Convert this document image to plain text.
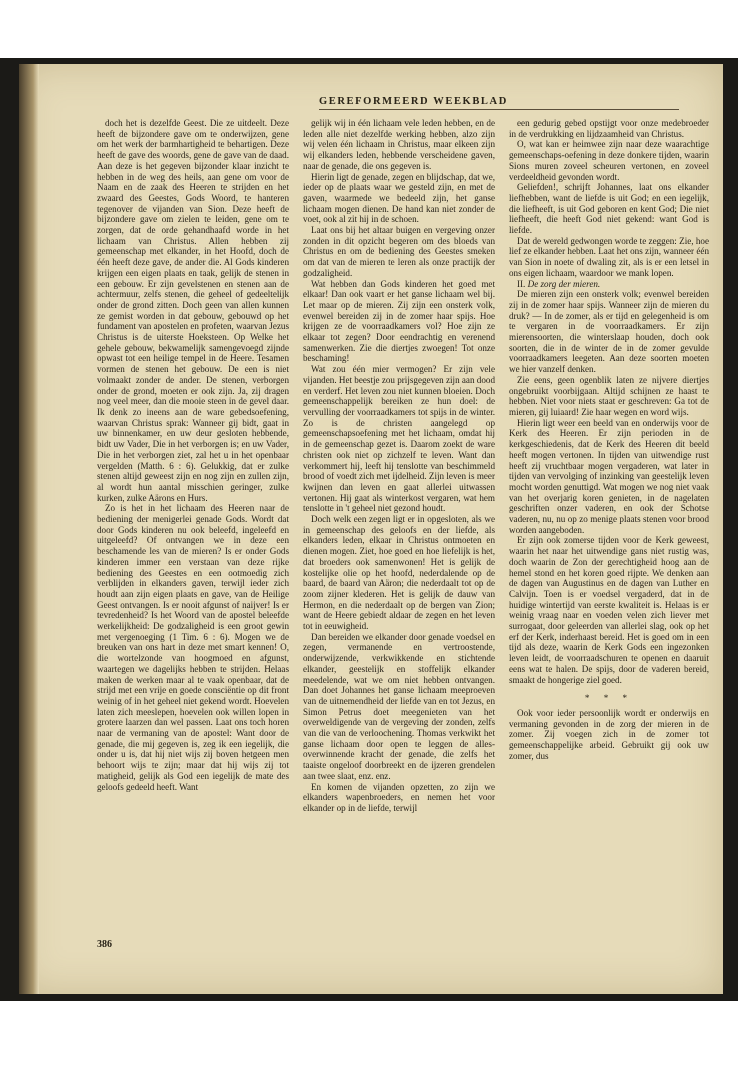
GEREFORMEERD WEEKBLAD

doch het is dezelfde Geest. Die ze uitdeelt. Deze heeft de bijzondere gave om te onderwijzen, gene om het werk der barmhartigheid te behartigen. Deze heeft de gave des woords, gene de gave van de daad. Aan deze is het gegeven bijzonder klaar inzicht te hebben in de weg des heils, aan gene om voor de Naam en de zaak des Heeren te strijden en het zwaard des Geestes, Gods Woord, te hanteren tegenover de vijanden van Sion. Deze heeft de bijzondere gave om zielen te leiden, gene om te zorgen, dat de orde gehandhaafd worde in het lichaam van Christus. Allen hebben zij gemeenschap met elkander, in het Hoofd, doch de één heeft deze gave, de ander die. Al Gods kinderen krijgen een eigen plaats en taak, gelijk de stenen in een gebouw. Er zijn gevelstenen en stenen aan de achtermuur, zelfs stenen, die geheel of gedeeltelijk onder de grond zitten. Doch geen van allen kunnen ze gemist worden in dat gebouw, gebouwd op het fundament van apostelen en profeten, waarvan Jezus Christus is de uiterste Hoeksteen. Op Welke het gehele gebouw, bekwamelijk samengevoegd zijnde opwast tot een heilige tempel in de Heere. Tesamen vormen de stenen het gebouw. De een is niet volmaakt zonder de ander. De stenen, verborgen onder de grond, moeten er ook zijn. Ja, zij dragen nog veel meer, dan die mooie steen in de gevel daar. Ik denk zo ineens aan de ware gebedsoefening, waarvan Christus sprak: Wanneer gij bidt, gaat in uw binnenkamer, en uw deur gesloten hebbende, bidt uw Vader, Die in het verborgen is; en uw Vader, Die in het verborgen ziet, zal het u in het openbaar vergelden (Matth. 6 : 6). Gelukkig, dat er zulke stenen altijd geweest zijn en nog zijn en zullen zijn, al wordt hun aantal misschien geringer, zulke kurken, zulke Aärons en Hurs.

Zo is het in het lichaam des Heeren naar de bediening der menigerlei genade Gods. Wordt dat door Gods kinderen nu ook beleefd, ingeleefd en uitgeleefd? Of ontvangen we in deze een beschamende les van de mieren? Is er onder Gods kinderen immer een verstaan van deze rijke bediening des Geestes en een ootmoedig zich verblijden in elkanders gaven, terwijl ieder zich houdt aan zijn eigen plaats en gave, van de Heilige Geest ontvangen. Is er nooit afgunst of naijver! Is er tevredenheid? Is het Woord van de apostel beleefde werkelijkheid: De godzaligheid is een groot gewin met vergenoeging (1 Tim. 6 : 6). Mogen we de breuken van ons hart in deze met smart kennen! O, die wortelzonde van hoogmoed en afgunst, waartegen we dagelijks hebben te strijden. Helaas maken de werken maar al te vaak openbaar, dat de strijd met een vrije en goede consciëntie op dit front weinig of in het geheel niet gekend wordt. Hoevelen laten zich meeslepen, hoevelen ook willen lopen in grotere laarzen dan wel passen. Laat ons toch horen naar de vermaning van de apostel: Want door de genade, die mij gegeven is, zeg ik een iegelijk, die onder u is, dat hij niet wijs zij boven hetgeen men behoort wijs te zijn; maar dat hij wijs zij tot matigheid, gelijk als God een iegelijk de mate des geloofs gedeeld heeft. Want

gelijk wij in één lichaam vele leden hebben, en de leden alle niet dezelfde werking hebben, alzo zijn wij velen één lichaam in Christus, maar elkeen zijn wij elkanders leden, hebbende verscheidene gaven, naar de genade, die ons gegeven is.

Hierin ligt de genade, zegen en blijdschap, dat we, ieder op de plaats waar we gesteld zijn, en met de gaven, waarmede we bedeeld zijn, het ganse lichaam mogen dienen. De hand kan niet zonder de voet, ook al zit hij in de schoen.

Laat ons bij het altaar buigen en vergeving onzer zonden in dit opzicht begeren om des bloeds van Christus en om de bediening des Geestes smeken om dat van de mieren te leren als onze practijk der godzaligheid.

Wat hebben dan Gods kinderen het goed met elkaar! Dan ook vaart er het ganse lichaam wel bij. Let maar op de mieren. Zij zijn een onsterk volk, evenwel bereiden zij in de zomer haar spijs. Hoe krijgen ze de voorraadkamers vol? Hoe zijn ze elkaar tot zegen? Door eendrachtig en verenend samenwerken. Zie die diertjes zwoegen! Tot onze beschaming!

Wat zou één mier vermogen? Er zijn vele vijanden. Het beestje zou prijsgegeven zijn aan dood en verderf. Het leven zou niet kunnen bloeien. Doch gemeenschappelijk bereiken ze hun doel: de vervulling der voorraadkamers tot spijs in de winter. Zo is de christen aangelegd op gemeenschapsoefening met het lichaam, omdat hij in de gemeenschap gezet is. Daarom zoekt de ware christen ook niet op zichzelf te leven. Want dan verkommert hij, leeft hij tenslotte van beschimmeld brood of voedt zich met ijdelheid. Zijn leven is meer kwijnen dan leven en gaat allerlei uitwassen vertonen. Hij gaat als winterkost vergaren, wat hem tenslotte in 't geheel niet gezond houdt.

Doch welk een zegen ligt er in opgesloten, als we in gemeenschap des geloofs en der liefde, als elkanders leden, elkaar in Christus ontmoeten en dienen mogen. Ziet, hoe goed en hoe liefelijk is het, dat broeders ook samenwonen! Het is gelijk de kostelijke olie op het hoofd, nederdalende op de baard, de baard van Aäron; die nederdaalt tot op de zoom zijner klederen. Het is gelijk de dauw van Hermon, en die nederdaalt op de bergen van Zion; want de Heere gebiedt aldaar de zegen en het leven tot in eeuwigheid.

Dan bereiden we elkander door genade voedsel en zegen, vermanende en vertroostende, onderwijzende, verkwikkende en stichtende elkander, geestelijk en stoffelijk elkander meedelende, wat we om niet hebben ontvangen. Dan doet Johannes het ganse lichaam meeproeven van de uitnemendheid der liefde van en tot Jezus, en Simon Petrus doet meegenieten van het overweldigende van de vergeving der zonden, zelfs van die van de verloochening. Thomas verkwikt het ganse lichaam door open te leggen de alles-overwinnende kracht der genade, die zelfs het taaiste ongeloof doorbreekt en de ijzeren grendelen aan twee slaat, enz. enz.

En komen de vijanden opzetten, zo zijn we elkanders wapenbroeders, en nemen het voor elkander op in de liefde, terwijl

een gedurig gebed opstijgt voor onze medebroeder in de verdrukking en lijdzaamheid van Christus.

O, wat kan er heimwee zijn naar deze waarachtige gemeenschaps-oefening in deze donkere tijden, waarin Sions muren zoveel scheuren vertonen, en zoveel verdeeldheid gevonden wordt.

Geliefden!, schrijft Johannes, laat ons elkander liefhebben, want de liefde is uit God; en een iegelijk, die liefheeft, is uit God geboren en kent God; Die niet liefheeft, die heeft God niet gekend: want God is liefde.

Dat de wereld gedwongen worde te zeggen: Zie, hoe lief ze elkander hebben. Laat het ons zijn, wanneer één van Sion in noete of dwaling zit, als is er een letsel in ons eigen lichaam, waardoor we mank lopen.

II. De zorg der mieren.

De mieren zijn een onsterk volk; evenwel bereiden zij in de zomer haar spijs. Wanneer zijn de mieren du druk? — In de zomer, als er tijd en gelegenheid is om te vergaren in de voorraadkamers. Er zijn mierensoorten, die winterslaap houden, doch ook soorten, die in de winter de in de zomer gevulde voorraadkamers leegeten. Aan deze soorten moeten we hier vanzelf denken.

Zie eens, geen ogenblik laten ze nijvere diertjes ongebruikt voorbijgaan. Altijd schijnen ze haast te hebben. Niet voor niets staat er geschreven: Ga tot de mieren, gij luiaard! Zie haar wegen en word wijs.

Hierin ligt weer een beeld van en onderwijs voor de Kerk des Heeren. Er zijn perioden in de kerkgeschiedenis, dat de Kerk des Heeren dit beeld heeft mogen vertonen. In tijden van uitwendige rust heeft zij vruchtbaar mogen vergaderen, wat later in tijden van vervolging of inzinking van geestelijk leven mocht worden genuttigd. Wat mogen we nog niet vaak van het overjarig koren genieten, in de nagelaten geschriften onzer vaderen, en ook der Schotse vaderen, nu, nu op zo menige plaats stenen voor brood worden aangeboden.

Er zijn ook zomerse tijden voor de Kerk geweest, waarin het naar het uitwendige gans niet rustig was, doch waarin de Zon der gerechtigheid hoog aan de hemel stond en het koren goed rijpte. We denken aan de dagen van Augustinus en de dagen van Luther en Calvijn. Toen is er voedsel vergaderd, dat in de huidige wintertijd van eerste kwaliteit is. Helaas is er weinig vraag naar en voeden velen zich liever met surrogaat, door geleerden van allerlei slag, ook op het erf der Kerk, inderhaast bereid. Het is goed om in een tijd als deze, waarin de Kerk Gods een ingezonken leven leidt, de voorraadschuren te openen en daaruit eens wat te halen. De spijs, door de vaderen bereid, smaakt de hongerige ziel goed.

* * *

Ook voor ieder persoonlijk wordt er onderwijs en vermaning gevonden in de zorg der mieren in de zomer. Zij voegen zich in de zomer tot gemeenschappelijke arbeid. Gebruikt gij ook uw zomer, dus

386
